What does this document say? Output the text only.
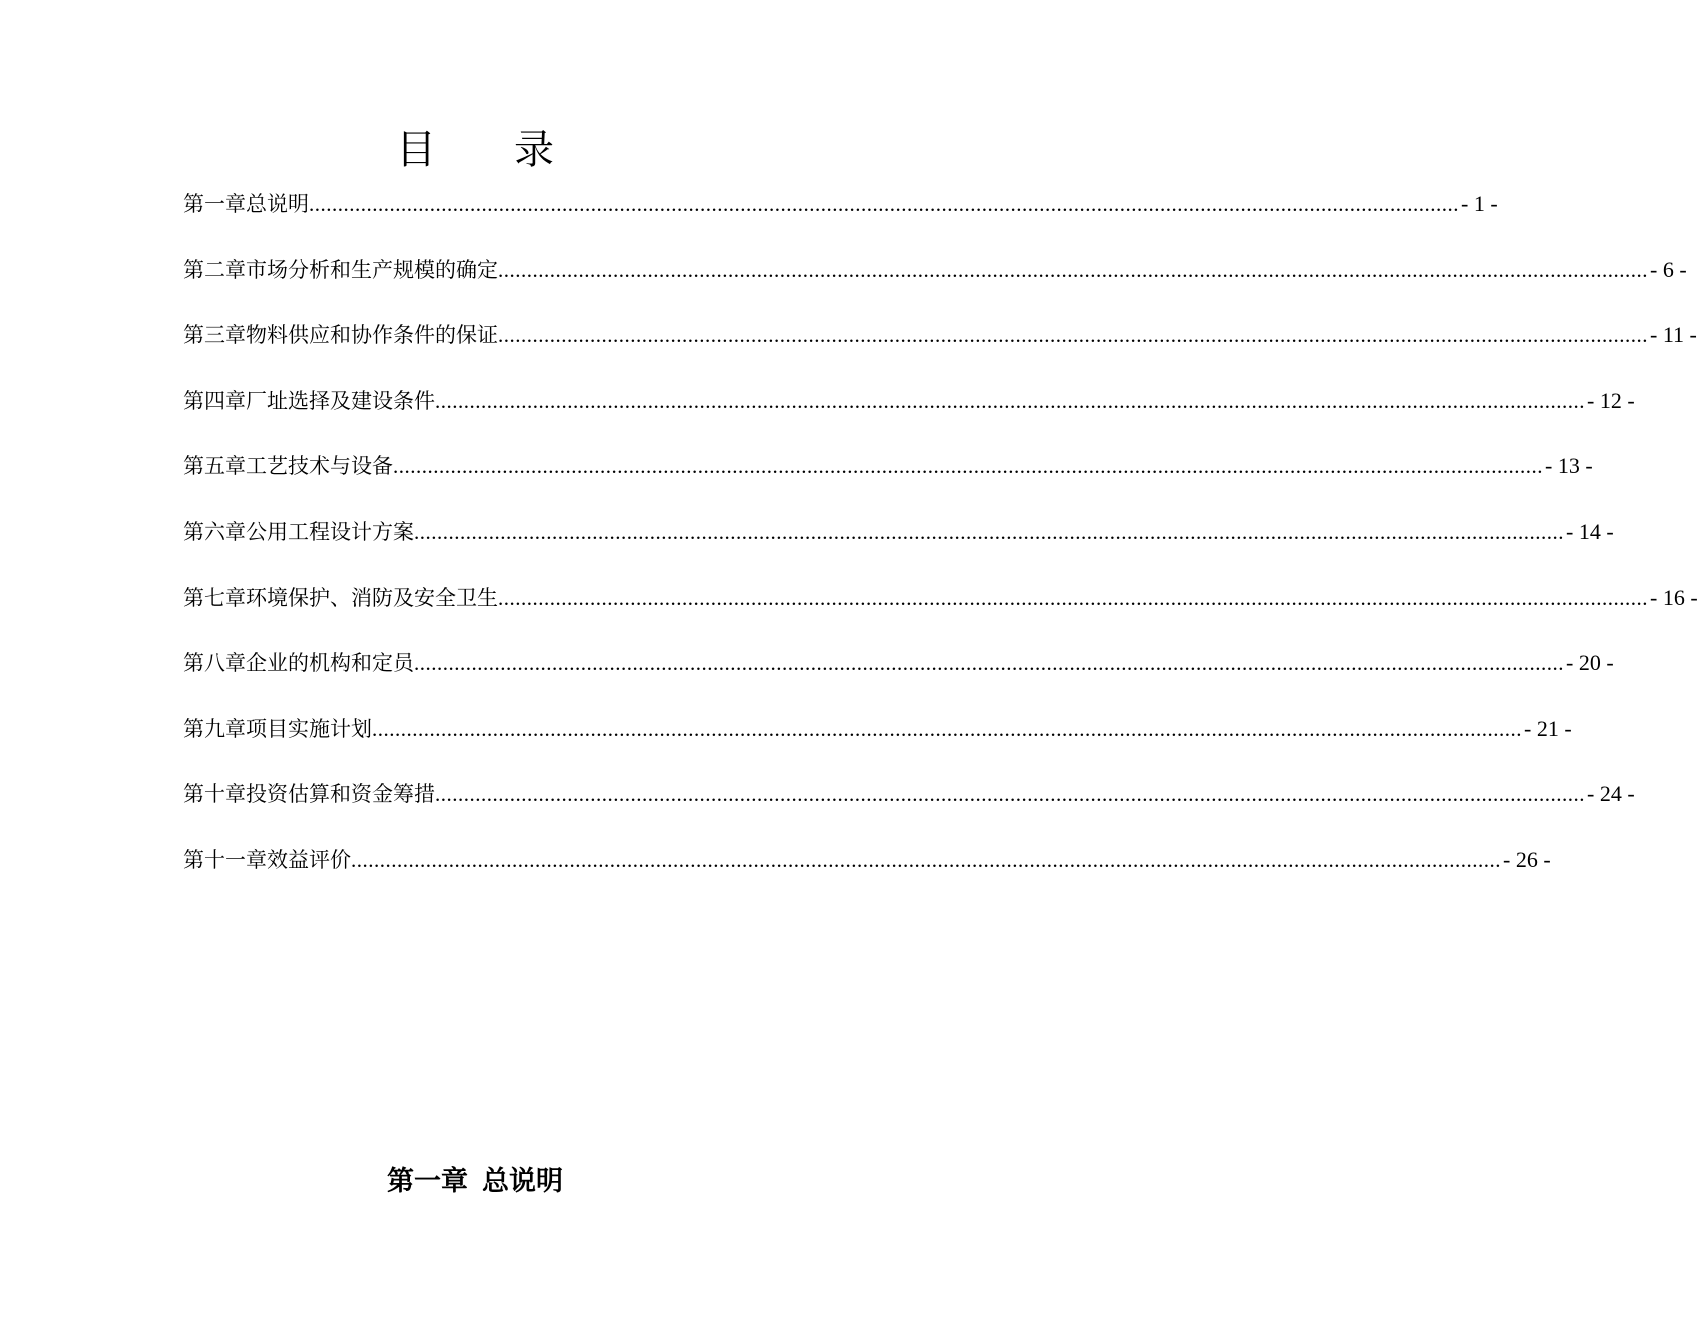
目 录
第一章 总说明 ........................................................................................................................................................................................................ - 1 -
第二章 市场分析和生产规模的确定 ........................................................................................................................................................................................................ - 6 -
第三章 物料供应和协作条件的保证 ........................................................................................................................................................................................................ - 11 -
第四章 厂址选择及建设条件 ........................................................................................................................................................................................................ - 12 -
第五章 工艺技术与设备 ........................................................................................................................................................................................................ - 13 -
第六章 公用工程设计方案 ........................................................................................................................................................................................................ - 14 -
第七章 环境保护、消防及安全卫生 ........................................................................................................................................................................................................ - 16 -
第八章 企业的机构和定员 ........................................................................................................................................................................................................ - 20 -
第九章 项目实施计划 ........................................................................................................................................................................................................ - 21 -
第十章 投资估算和资金筹措 ........................................................................................................................................................................................................ - 24 -
第十一章 效益评价 ........................................................................................................................................................................................................ - 26 -
第一章 总说明
